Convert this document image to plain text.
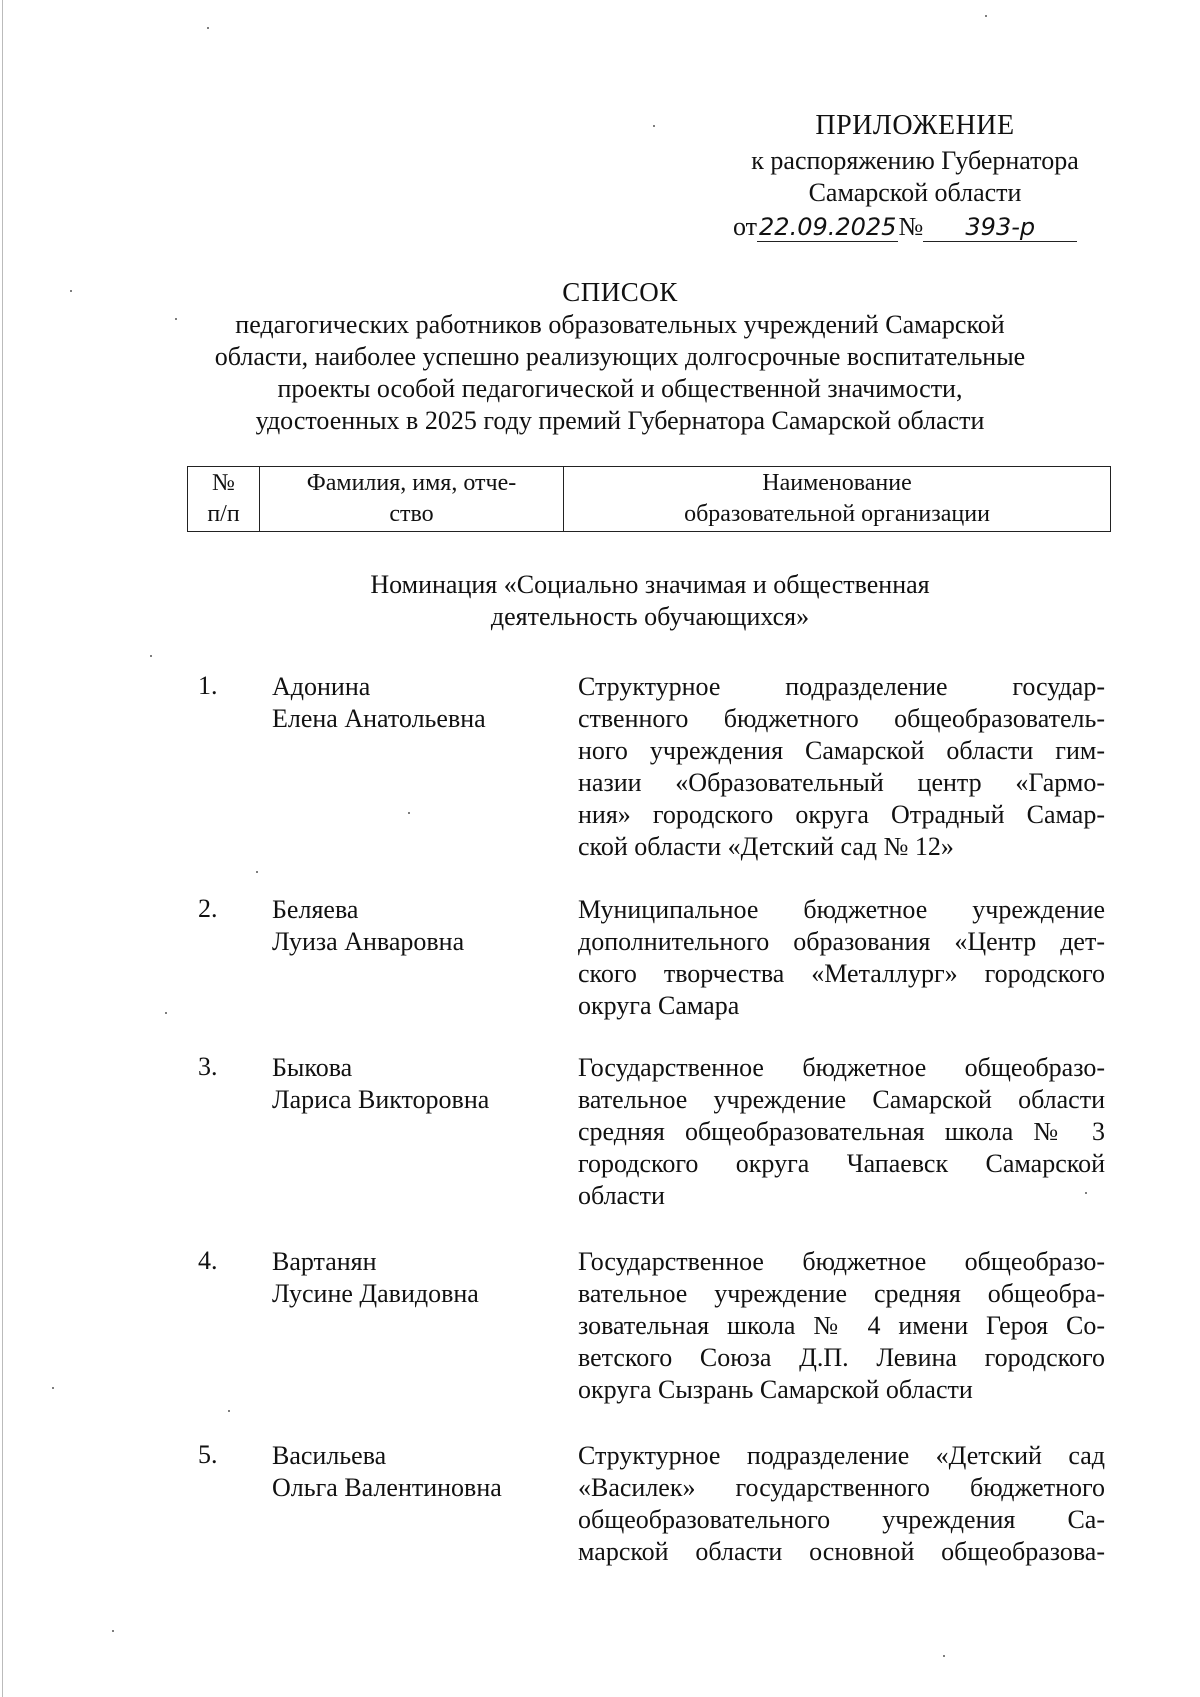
ПРИЛОЖЕНИЕ
к распоряжению Губернатора
Самарской области
от22.09.2025№ 393-р
СПИСОК
педагогических работников образовательных учреждений Самарской
области, наиболее успешно реализующих долгосрочные воспитательные
проекты особой педагогической и общественной значимости,
удостоенных в 2025 году премий Губернатора Самарской области
№
п/п
Фамилия, имя, отче-
ство
Наименование
образовательной организации
Номинация «Социально значимая и общественная
деятельность обучающихся»
1. Адонина
Елена Анатольевна
Структурное подразделение государ-
ственного бюджетного общеобразователь-
ного учреждения Самарской области гим-
назии «Образовательный центр «Гармо-
ния» городского округа Отрадный Самар-
ской области «Детский сад № 12»
2. Беляева
Луиза Анваровна
Муниципальное бюджетное учреждение
дополнительного образования «Центр дет-
ского творчества «Металлург» городского
округа Самара
3. Быкова
Лариса Викторовна
Государственное бюджетное общеобразо-
вательное учреждение Самарской области
средняя общеобразовательная школа № 3
городского округа Чапаевск Самарской
области
4. Вартанян
Лусине Давидовна
Государственное бюджетное общеобразо-
вательное учреждение средняя общеобра-
зовательная школа № 4 имени Героя Со-
ветского Союза Д.П. Левина городского
округа Сызрань Самарской области
5. Васильева
Ольга Валентиновна
Структурное подразделение «Детский сад
«Василек» государственного бюджетного
общеобразовательного учреждения Са-
марской области основной общеобразова-
